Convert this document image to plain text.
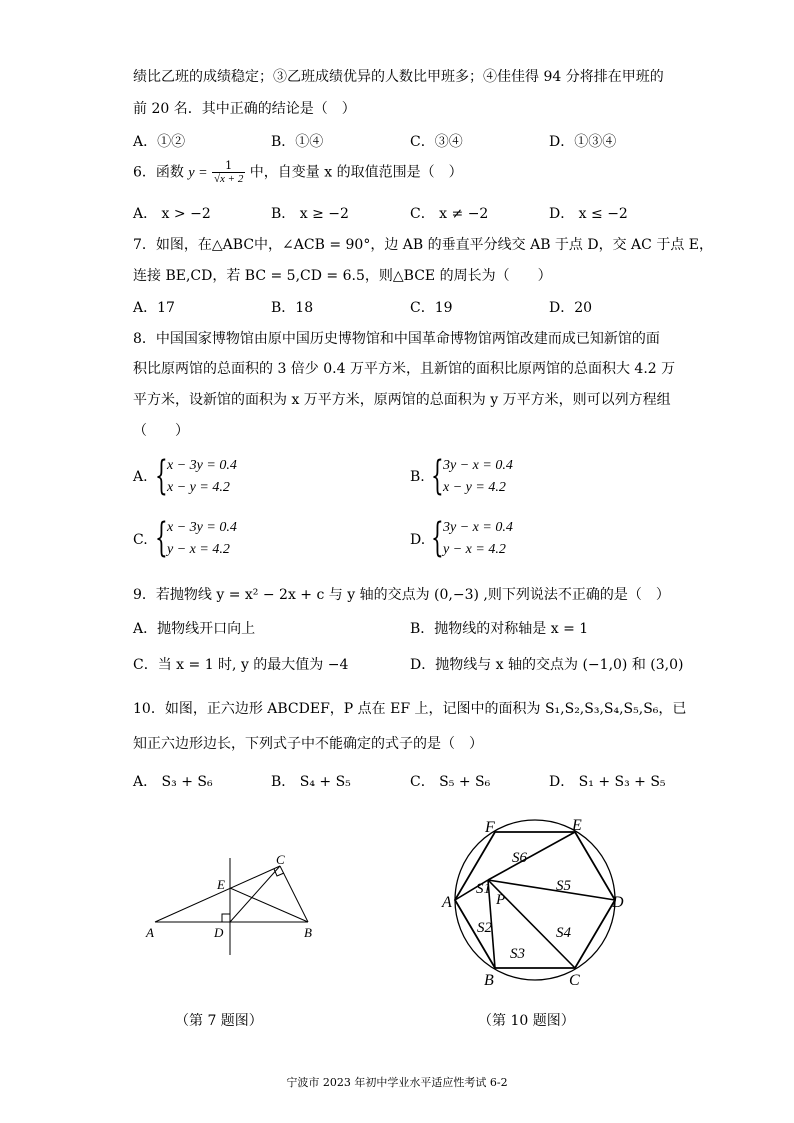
绩比乙班的成绩稳定；③乙班成绩优异的人数比甲班多；④佳佳得 94 分将排在甲班的
前 20 名．其中正确的结论是（　）
A．①②	B．①④	C．③④	D．①③④
6．函数 $y = \frac{1}{√x + 2}$ 中，自变量 x 的取值范围是（　）
A． x > −2	B． x ≥ −2	C． x ≠ −2	D． x ≤ −2
7．如图，在△ABC中，∠ACB = 90°，边 AB 的垂直平分线交 AB 于点 D，交 AC 于点 E，
连接 BE,CD，若 BC = 5,CD = 6.5，则△BCE 的周长为（　　）
A．17	B．18	C．19	D．20
8．中国国家博物馆由原中国历史博物馆和中国革命博物馆两馆改建而成已知新馆的面
积比原两馆的总面积的 3 倍少 0.4 万平方米，且新馆的面积比原两馆的总面积大 4.2 万
平方米，设新馆的面积为 x 万平方米，原两馆的总面积为 y 万平方米，则可以列方程组
（　　）
A. { x − 3y = 0.4
x − y = 4.2
B. { 3y − x = 0.4
x − y = 4.2
C. { x − 3y = 0.4
y − x = 4.2
D. { 3y − x = 0.4
y − x = 4.2
9．若抛物线 y = x² − 2x + c 与 y 轴的交点为 (0,−3) ,则下列说法不正确的是（　）
A．抛物线开口向上	B．抛物线的对称轴是 x = 1
C．当 x = 1 时, y 的最大值为 −4	D．抛物线与 x 轴的交点为 (−1,0) 和 (3,0)
10．如图，正六边形 ABCDEF，P 点在 EF 上，记图中的面积为 S₁,S₂,S₃,S₄,S₅,S₆，已
知正六边形边长，下列式子中不能确定的式子的是（　）
A． S₃ + S₆	B． S₄ + S₅	C． S₅ + S₆	D． S₁ + S₃ + S₅
A	D	B
E
C
（第 7 题图）
F	E
A	D
B	C
P
S6
S1	S5
S2	S4
S3
（第 10 题图）
宁波市 2023 年初中学业水平适应性考试 6-2
